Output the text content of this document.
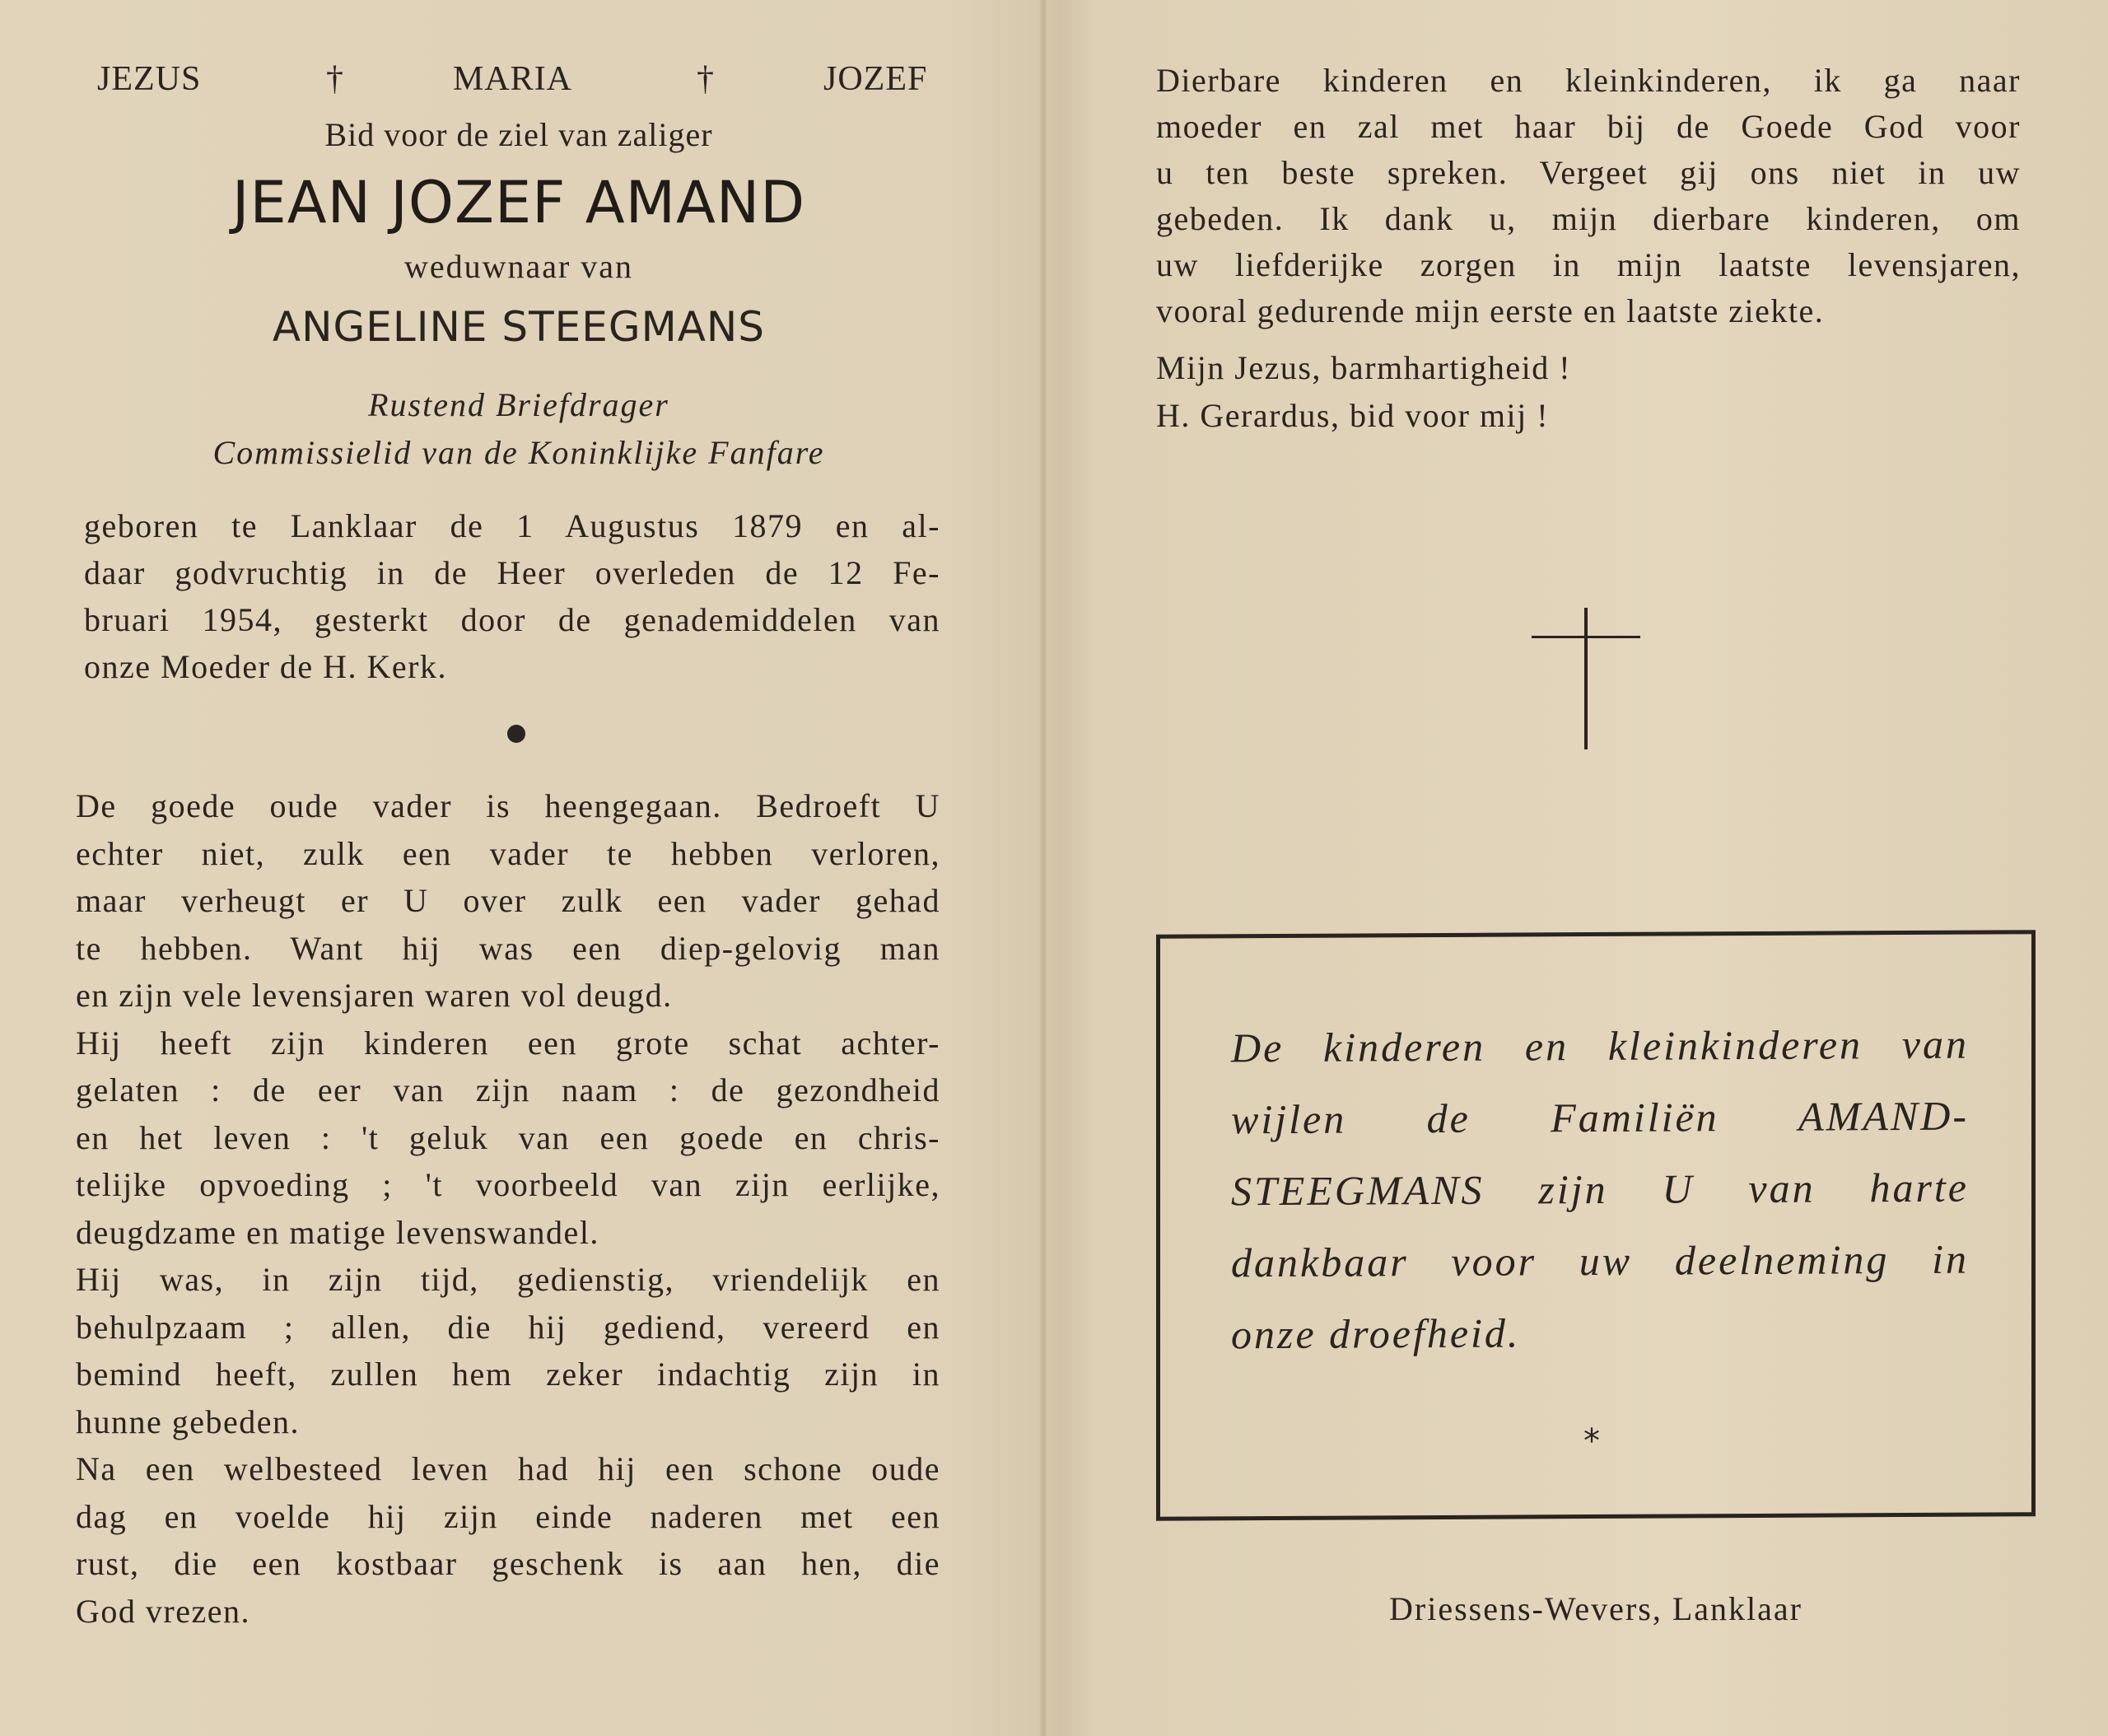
JEZUS	†	MARIA	†	JOZEF
Bid voor de ziel van zaliger
JEAN JOZEF AMAND
weduwnaar van
ANGELINE STEEGMANS
Rustend Briefdrager
Commissielid van de Koninklijke Fanfare
geboren te Lanklaar de 1 Augustus 1879 en al-
daar godvruchtig in de Heer overleden de 12 Fe-
bruari 1954, gesterkt door de genademiddelen van
onze Moeder de H. Kerk.
De goede oude vader is heengegaan. Bedroeft U
echter niet, zulk een vader te hebben verloren,
maar verheugt er U over zulk een vader gehad
te hebben. Want hij was een diep-gelovig man
en zijn vele levensjaren waren vol deugd.
Hij heeft zijn kinderen een grote schat achter-
gelaten : de eer van zijn naam : de gezondheid
en het leven : 't geluk van een goede en chris-
telijke opvoeding ; 't voorbeeld van zijn eerlijke,
deugdzame en matige levenswandel.
Hij was, in zijn tijd, gedienstig, vriendelijk en
behulpzaam ; allen, die hij gediend, vereerd en
bemind heeft, zullen hem zeker indachtig zijn in
hunne gebeden.
Na een welbesteed leven had hij een schone oude
dag en voelde hij zijn einde naderen met een
rust, die een kostbaar geschenk is aan hen, die
God vrezen.
Dierbare kinderen en kleinkinderen, ik ga naar
moeder en zal met haar bij de Goede God voor
u ten beste spreken. Vergeet gij ons niet in uw
gebeden. Ik dank u, mijn dierbare kinderen, om
uw liefderijke zorgen in mijn laatste levensjaren,
vooral gedurende mijn eerste en laatste ziekte.
Mijn Jezus, barmhartigheid !
H. Gerardus, bid voor mij !
De kinderen en kleinkinderen van
wijlen de Familiën AMAND-
STEEGMANS zijn U van harte
dankbaar voor uw deelneming in
onze droefheid.
*
Driessens-Wevers, Lanklaar
